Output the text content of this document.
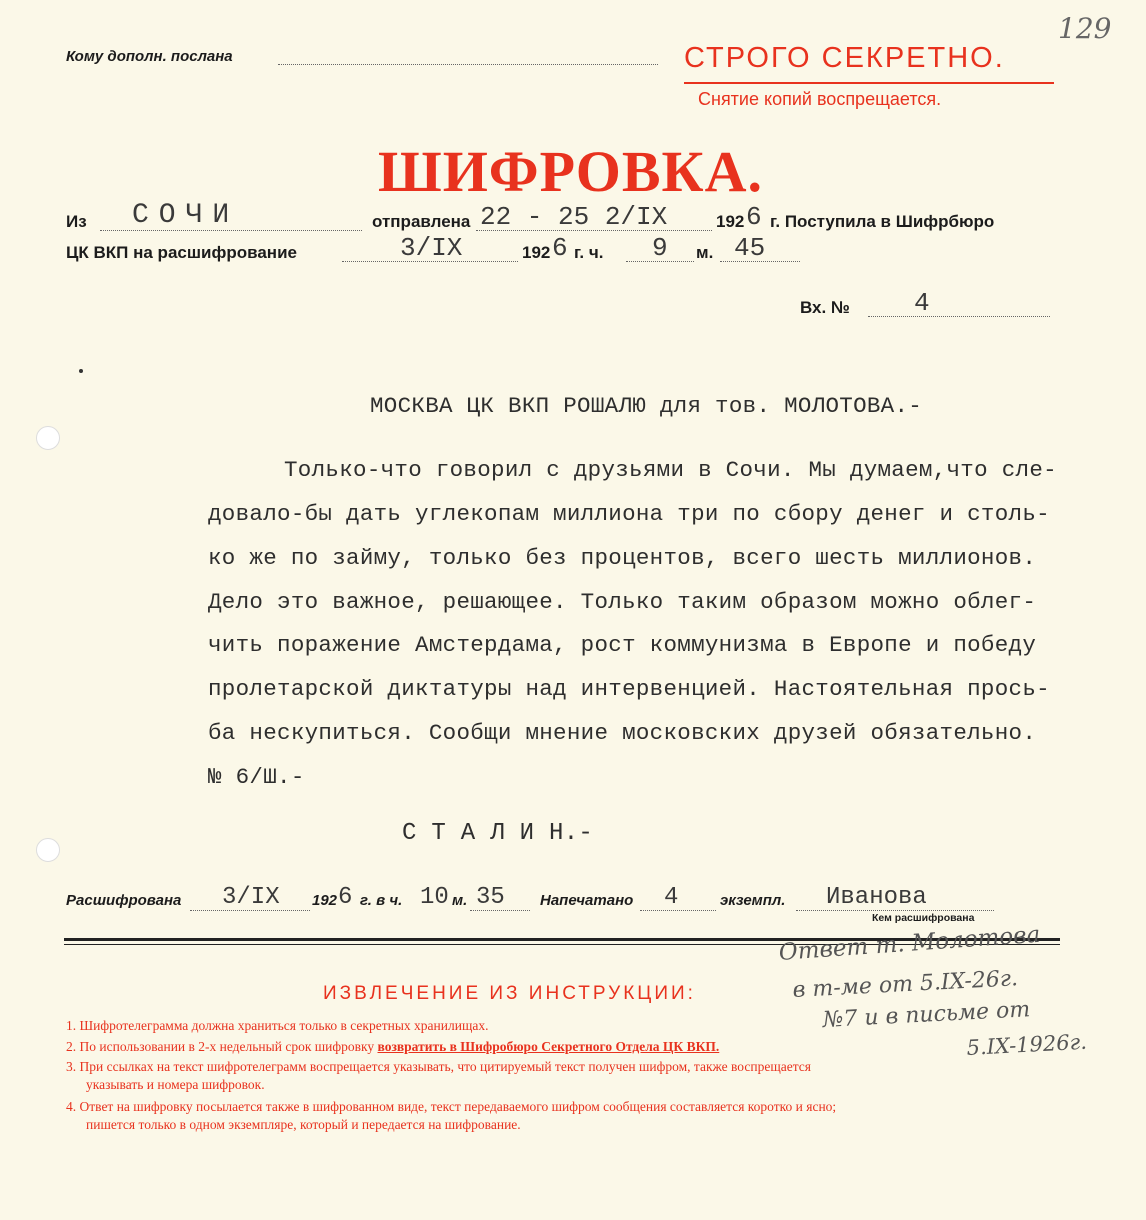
Кому дополн. послана	СТРОГО СЕКРЕТНО.
Снятие копий воспрещается.
129
ШИФРОВКА.
Из СОЧИ	отправлена 22 - 25 2/IX	192 6 г. Поступила в Шифрбюро
ЦК ВКП на расшифрование	3/IX	192 6 г. ч. 9 м. 45
Вх. № 4
МОСКВА ЦК ВКП РОШАЛЮ для тов. МОЛОТОВА.-
Только-что говорил с друзьями в Сочи. Мы думаем,что сле-
довало-бы дать углекопам миллиона три по сбору денег и столь-
ко же по займу, только без процентов, всего шесть миллионов.
Дело это важное, решающее. Только таким образом можно облег-
чить поражение Амстердама, рост коммунизма в Европе и победу
пролетарской диктатуры над интервенцией. Настоятельная прось-
ба нескупиться. Сообщи мнение московских друзей обязательно.
№ 6/Ш.-
С Т А Л И Н.-
Расшифрована 3/IX 192 6 г. в ч. 10 м. 35 Напечатано 4	экземпл. Иванова
Кем расшифрована
ИЗВЛЕЧЕНИЕ ИЗ ИНСТРУКЦИИ:
1. Шифротелеграмма должна храниться только в секретных хранилищах.
2. По использовании в 2-х недельный срок шифровку возвратить в Шифробюро Секретного Отдела ЦК ВКП.
3. При ссылках на текст шифротелеграмм воспрещается указывать, что цитируемый текст получен шифром, также воспрещается
указывать и номера шифровок.
4. Ответ на шифровку посылается также в шифрованном виде, текст передаваемого шифром сообщения составляется коротко и ясно;
пишется только в одном экземпляре, который и передается на шифрование.
Ответ т. Молотова
в т-ме от 5.IX-26г.
№7 и в письме от
5.IX-1926г.
